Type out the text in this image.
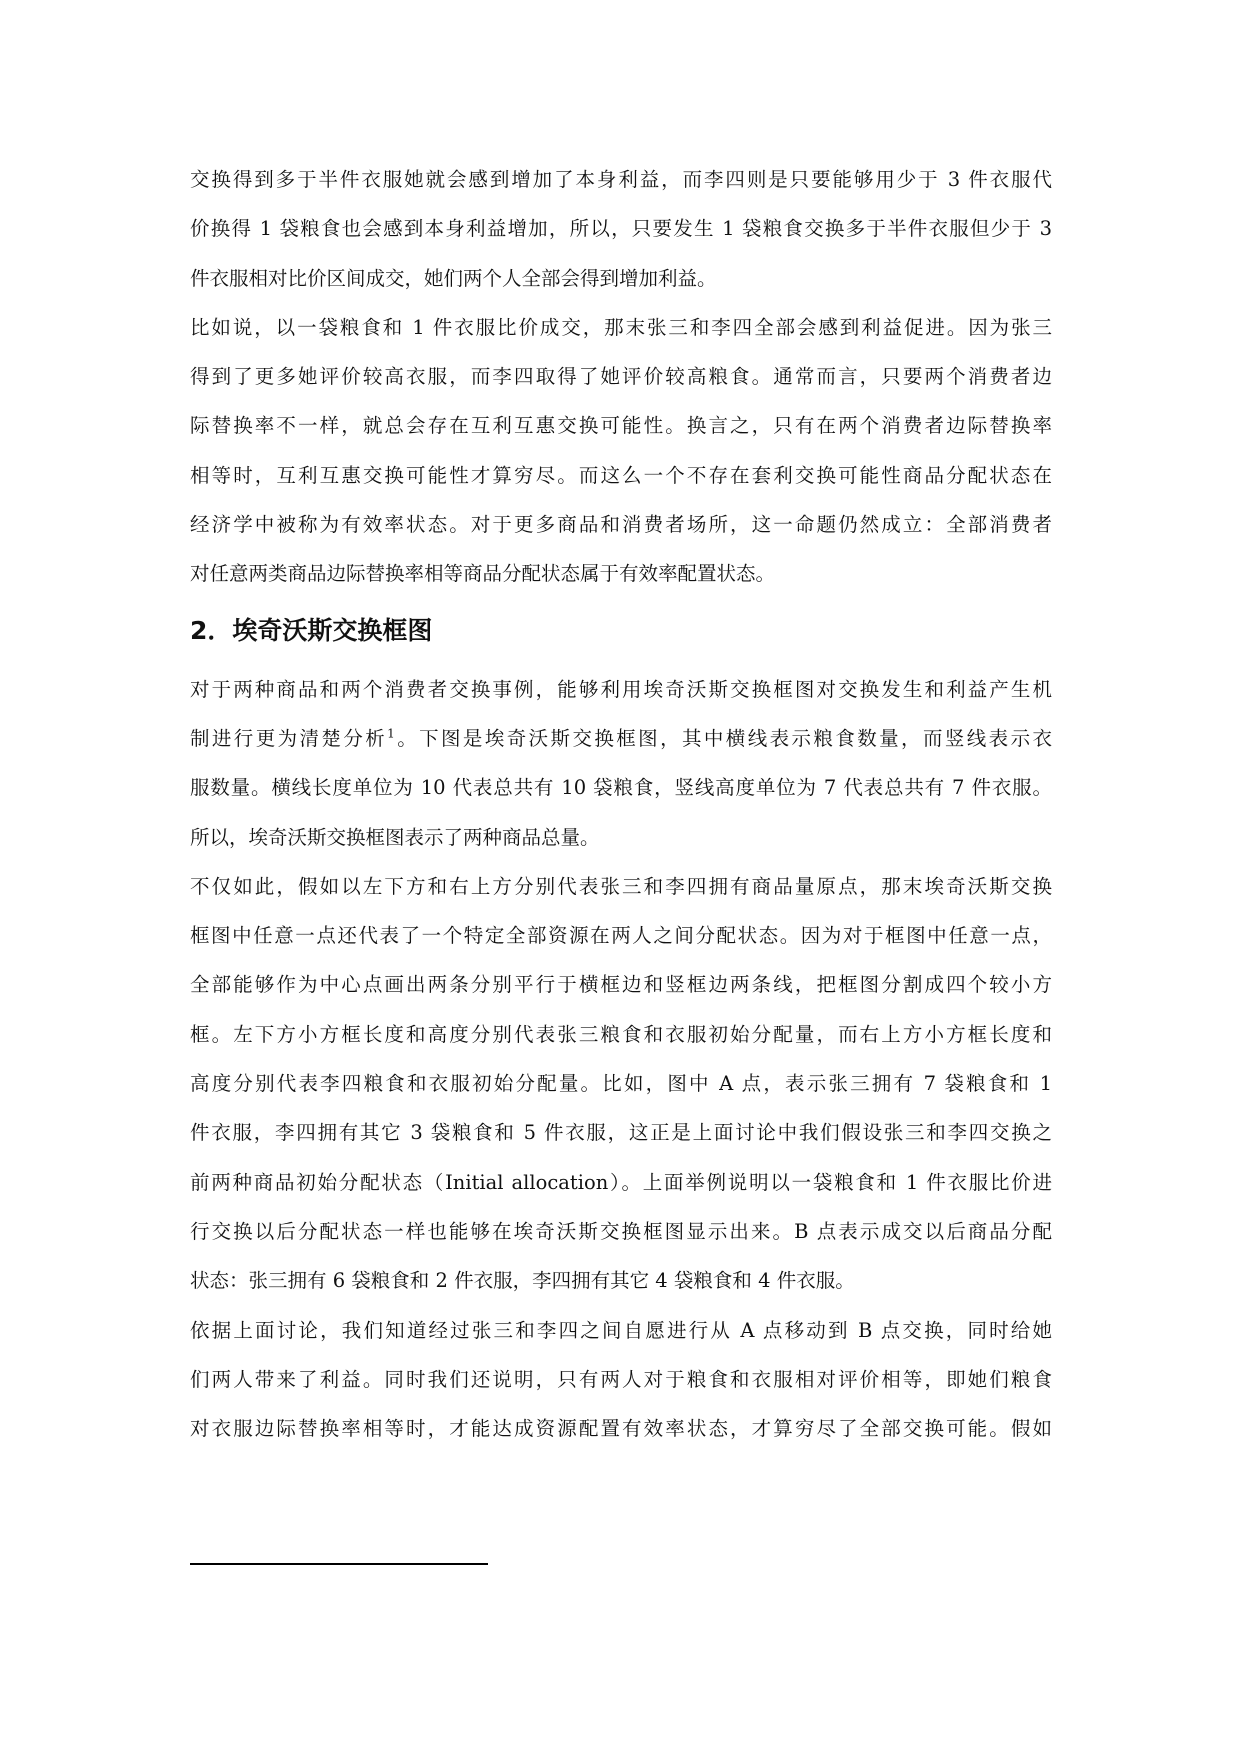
交换得到多于半件衣服她就会感到增加了本身利益，而李四则是只要能够用少于 3 件衣服代
价换得 1 袋粮食也会感到本身利益增加，所以，只要发生 1 袋粮食交换多于半件衣服但少于 3
件衣服相对比价区间成交，她们两个人全部会得到增加利益。

比如说，以一袋粮食和 1 件衣服比价成交，那末张三和李四全部会感到利益促进。因为张三
得到了更多她评价较高衣服，而李四取得了她评价较高粮食。通常而言，只要两个消费者边
际替换率不一样，就总会存在互利互惠交换可能性。换言之，只有在两个消费者边际替换率
相等时，互利互惠交换可能性才算穷尽。而这么一个不存在套利交换可能性商品分配状态在
经济学中被称为有效率状态。对于更多商品和消费者场所，这一命题仍然成立：全部消费者
对任意两类商品边际替换率相等商品分配状态属于有效率配置状态。

2．埃奇沃斯交换框图

对于两种商品和两个消费者交换事例，能够利用埃奇沃斯交换框图对交换发生和利益产生机
制进行更为清楚分析$^1$。下图是埃奇沃斯交换框图，其中横线表示粮食数量，而竖线表示衣
服数量。横线长度单位为 10 代表总共有 10 袋粮食，竖线高度单位为 7 代表总共有 7 件衣服。
所以，埃奇沃斯交换框图表示了两种商品总量。

不仅如此，假如以左下方和右上方分别代表张三和李四拥有商品量原点，那末埃奇沃斯交换
框图中任意一点还代表了一个特定全部资源在两人之间分配状态。因为对于框图中任意一点，
全部能够作为中心点画出两条分别平行于横框边和竖框边两条线，把框图分割成四个较小方
框。左下方小方框长度和高度分别代表张三粮食和衣服初始分配量，而右上方小方框长度和
高度分别代表李四粮食和衣服初始分配量。比如，图中 A 点，表示张三拥有 7 袋粮食和 1
件衣服，李四拥有其它 3 袋粮食和 5 件衣服，这正是上面讨论中我们假设张三和李四交换之
前两种商品初始分配状态（Initial allocation）。上面举例说明以一袋粮食和 1 件衣服比价进
行交换以后分配状态一样也能够在埃奇沃斯交换框图显示出来。B 点表示成交以后商品分配
状态：张三拥有 6 袋粮食和 2 件衣服，李四拥有其它 4 袋粮食和 4 件衣服。

依据上面讨论，我们知道经过张三和李四之间自愿进行从 A 点移动到 B 点交换，同时给她
们两人带来了利益。同时我们还说明，只有两人对于粮食和衣服相对评价相等，即她们粮食
对衣服边际替换率相等时，才能达成资源配置有效率状态，才算穷尽了全部交换可能。假如
